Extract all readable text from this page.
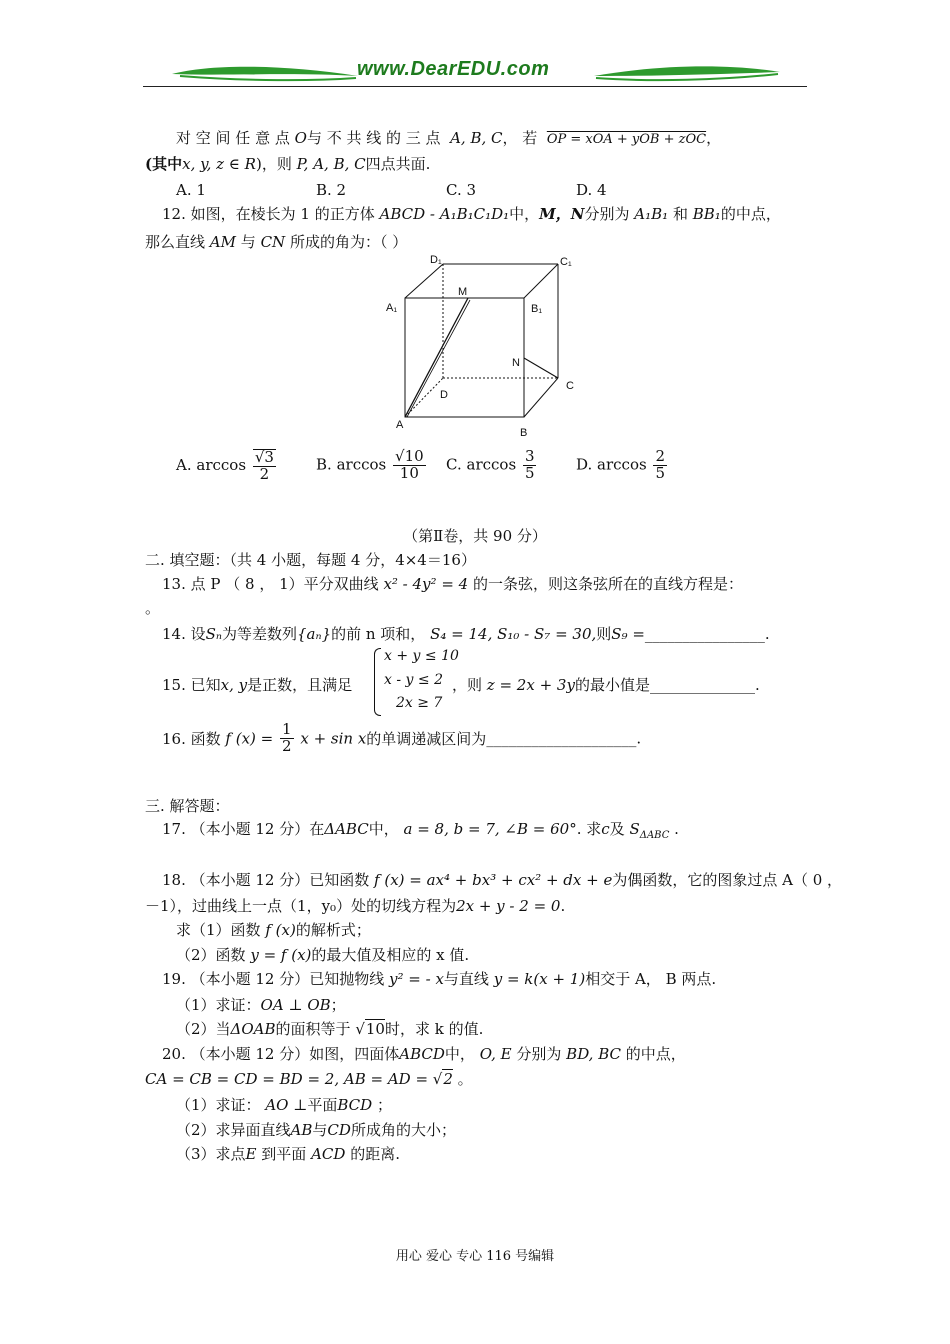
www.DearEDU.com
对 空 间 任 意 点 O与 不 共 线 的 三 点 A, B, C， 若 OP = xOA + yOB + zOC，
(其中x, y, z ∈ R)，则 P, A, B, C四点共面.
A. 1	B. 2	C. 3	D. 4
12. 如图，在棱长为 1 的正方体 ABCD - A₁B₁C₁D₁中，M，N分别为 A₁B₁ 和 BB₁的中点，
那么直线 AM 与 CN 所成的角为：（ ）
D₁	C₁
M
A₁	B₁
N
C
D
A
B
A. $\arccos \frac{√3}{2}$	B. $\arccos \frac{√10}{10} C$. $\arccos \frac{3}{5}$	D. $\arccos \frac{2}{5}$
（第Ⅱ卷，共 90 分）
二. 填空题：（共 4 小题，每题 4 分，4×4＝16）
13. 点 P （ 8 ， 1）平分双曲线 x² - 4y² = 4 的一条弦，则这条弦所在的直线方程是：
。
14. 设Sₙ为等差数列{aₙ}的前 n 项和， S₄ = 14, S₁₀ - S₇ = 30,则S₉ =________________.
x + y ≤ 10
x - y ≤ 2
2x ≥ 7
15. 已知x, y是正数，且满足	，则 z = 2x + 3y的最小值是______________.
16. 函数 f $(x) = \frac{1}{2}$ x + sin x的单调递减区间为____________________.
三. 解答题：
17. （本小题 12 分）在ΔABC中， a = 8, b = 7, ∠B = 60°. 求c及 $S_{\Delta ABC}$ .
18. （本小题 12 分）已知函数 f (x) = ax⁴ + bx³ + cx² + dx + e为偶函数，它的图象过点 A（ 0 ，
－1），过曲线上一点（1，y₀）处的切线方程为2x + y - 2 = 0.
求（1）函数 f (x)的解析式；
（2）函数 y = f (x)的最大值及相应的 x 值.
19. （本小题 12 分）已知抛物线 y² = - x与直线 y = k(x + 1)相交于 A， B 两点.
（1）求证：OA ⊥ OB；
（2）当ΔOAB的面积等于 √10时，求 k 的值.
20. （本小题 12 分）如图，四面体ABCD中， O, E 分别为 BD, BC 的中点，
CA = CB = CD = BD = 2, AB = AD = √2 。
（1）求证： AO ⊥平面BCD ；
（2）求异面直线AB与CD所成角的大小；
（3）求点E 到平面 ACD 的距离.
用心 爱心 专心 116 号编辑
